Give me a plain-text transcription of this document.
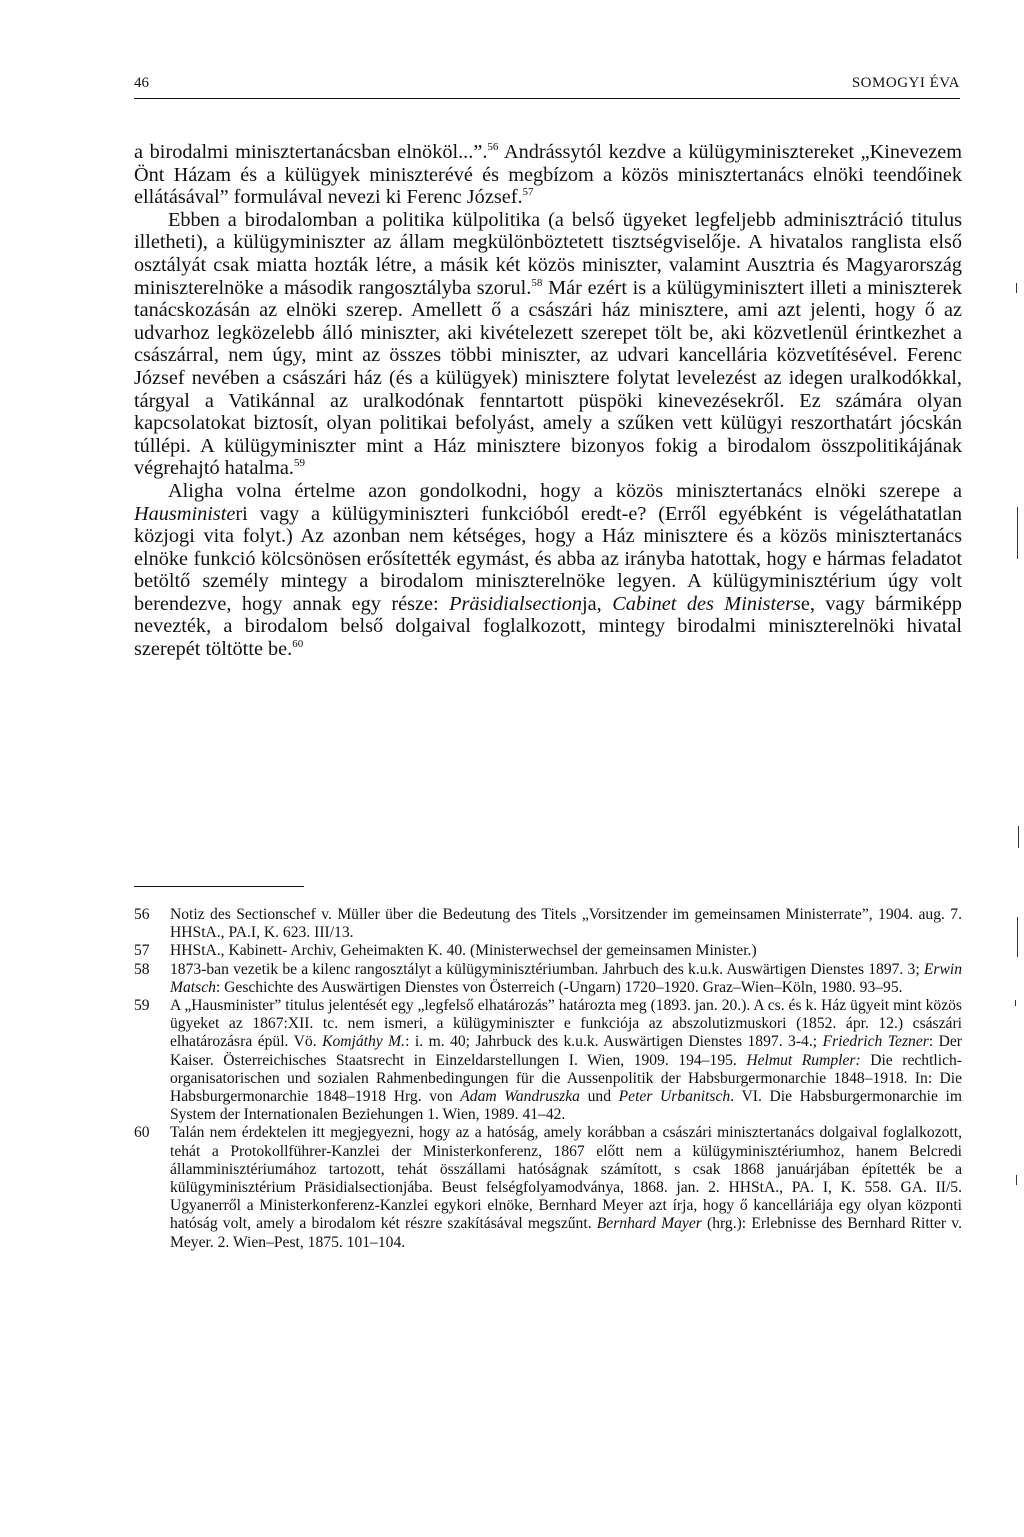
46	SOMOGYI ÉVA

a birodalmi minisztertanácsban elnököl...”.$^{56}$ Andrássytól kezdve a külügyminisztereket „Kinevezem Önt Házam és a külügyek miniszterévé és megbízom a közös minisztertanács elnöki teendőinek ellátásával” formulával nevezi ki Ferenc József.$^{57}$

Ebben a birodalomban a politika külpolitika (a belső ügyeket legfeljebb adminisztráció titulus illetheti), a külügyminiszter az állam megkülönböztetett tisztségviselője. A hivatalos ranglista első osztályát csak miatta hozták létre, a másik két közös miniszter, valamint Ausztria és Magyarország miniszterelnöke a második rangosztályba szorul.$^{58}$ Már ezért is a külügyminisztert illeti a miniszterek tanácskozásán az elnöki szerep. Amellett ő a császári ház minisztere, ami azt jelenti, hogy ő az udvarhoz legközelebb álló miniszter, aki kivételezett szerepet tölt be, aki közvetlenül érintkezhet a császárral, nem úgy, mint az összes többi miniszter, az udvari kancellária közvetítésével. Ferenc József nevében a császári ház (és a külügyek) minisztere folytat levelezést az idegen uralkodókkal, tárgyal a Vatikánnal az uralkodónak fenntartott püspöki kinevezésekről. Ez számára olyan kapcsolatokat biztosít, olyan politikai befolyást, amely a szűken vett külügyi reszorthatárt jócskán túllépi. A külügyminiszter mint a Ház minisztere bizonyos fokig a birodalom összpolitikájának végrehajtó hatalma.$^{59}$

Aligha volna értelme azon gondolkodni, hogy a közös minisztertanács elnöki szerepe a Hausministeri vagy a külügyminiszteri funkcióból eredt-e? (Erről egyébként is végeláthatatlan közjogi vita folyt.) Az azonban nem kétséges, hogy a Ház minisztere és a közös minisztertanács elnöke funkció kölcsönösen erősítették egymást, és abba az irányba hatottak, hogy e hármas feladatot betöltő személy mintegy a birodalom miniszterelnöke legyen. A külügyminisztérium úgy volt berendezve, hogy annak egy része: Präsidialsectionja, Cabinet des Ministerse, vagy bármiképp nevezték, a birodalom belső dolgaival foglalkozott, mintegy birodalmi miniszterelnöki hivatal szerepét töltötte be.$^{60}$

56 Notiz des Sectionschef v. Müller über die Bedeutung des Titels „Vorsitzender im gemeinsamen Ministerrate”, 1904. aug. 7. HHStA., PA.I, K. 623. III/13.
57 HHStA., Kabinett- Archiv, Geheimakten K. 40. (Ministerwechsel der gemeinsamen Minister.)
58 1873-ban vezetik be a kilenc rangosztályt a külügyminisztériumban. Jahrbuch des k.u.k. Auswärtigen Dienstes 1897. 3; Erwin Matsch: Geschichte des Auswärtigen Dienstes von Österreich (-Ungarn) 1720–1920. Graz–Wien–Köln, 1980. 93–95.
59 A „Hausminister” titulus jelentését egy „legfelső elhatározás” határozta meg (1893. jan. 20.). A cs. és k. Ház ügyeit mint közös ügyeket az 1867:XII. tc. nem ismeri, a külügyminiszter e funkciója az abszolutizmuskori (1852. ápr. 12.) császári elhatározásra épül. Vö. Komjáthy M.: i. m. 40; Jahrbuck des k.u.k. Auswärtigen Dienstes 1897. 3-4.; Friedrich Tezner: Der Kaiser. Österreichisches Staatsrecht in Einzeldarstellungen I. Wien, 1909. 194–195. Helmut Rumpler: Die rechtlich-organisatorischen und sozialen Rahmenbedingungen für die Aussenpolitik der Habsburgermonarchie 1848–1918. In: Die Habsburgermonarchie 1848–1918 Hrg. von Adam Wandruszka und Peter Urbanitsch. VI. Die Habsburgermonarchie im System der Internationalen Beziehungen 1. Wien, 1989. 41–42.
60 Talán nem érdektelen itt megjegyezni, hogy az a hatóság, amely korábban a császári minisztertanács dolgaival foglalkozott, tehát a Protokollführer-Kanzlei der Ministerkonferenz, 1867 előtt nem a külügyminisztériumhoz, hanem Belcredi államminisztériumához tartozott, tehát összállami hatóságnak számított, s csak 1868 januárjában építették be a külügyminisztérium Präsidialsectionjába. Beust felségfolyamodványa, 1868. jan. 2. HHStA., PA. I, K. 558. GA. II/5. Ugyanerről a Ministerkonferenz-Kanzlei egykori elnöke, Bernhard Meyer azt írja, hogy ő kancelláriája egy olyan központi hatóság volt, amely a birodalom két részre szakításával megszűnt. Bernhard Mayer (hrg.): Erlebnisse des Bernhard Ritter v. Meyer. 2. Wien–Pest, 1875. 101–104.
